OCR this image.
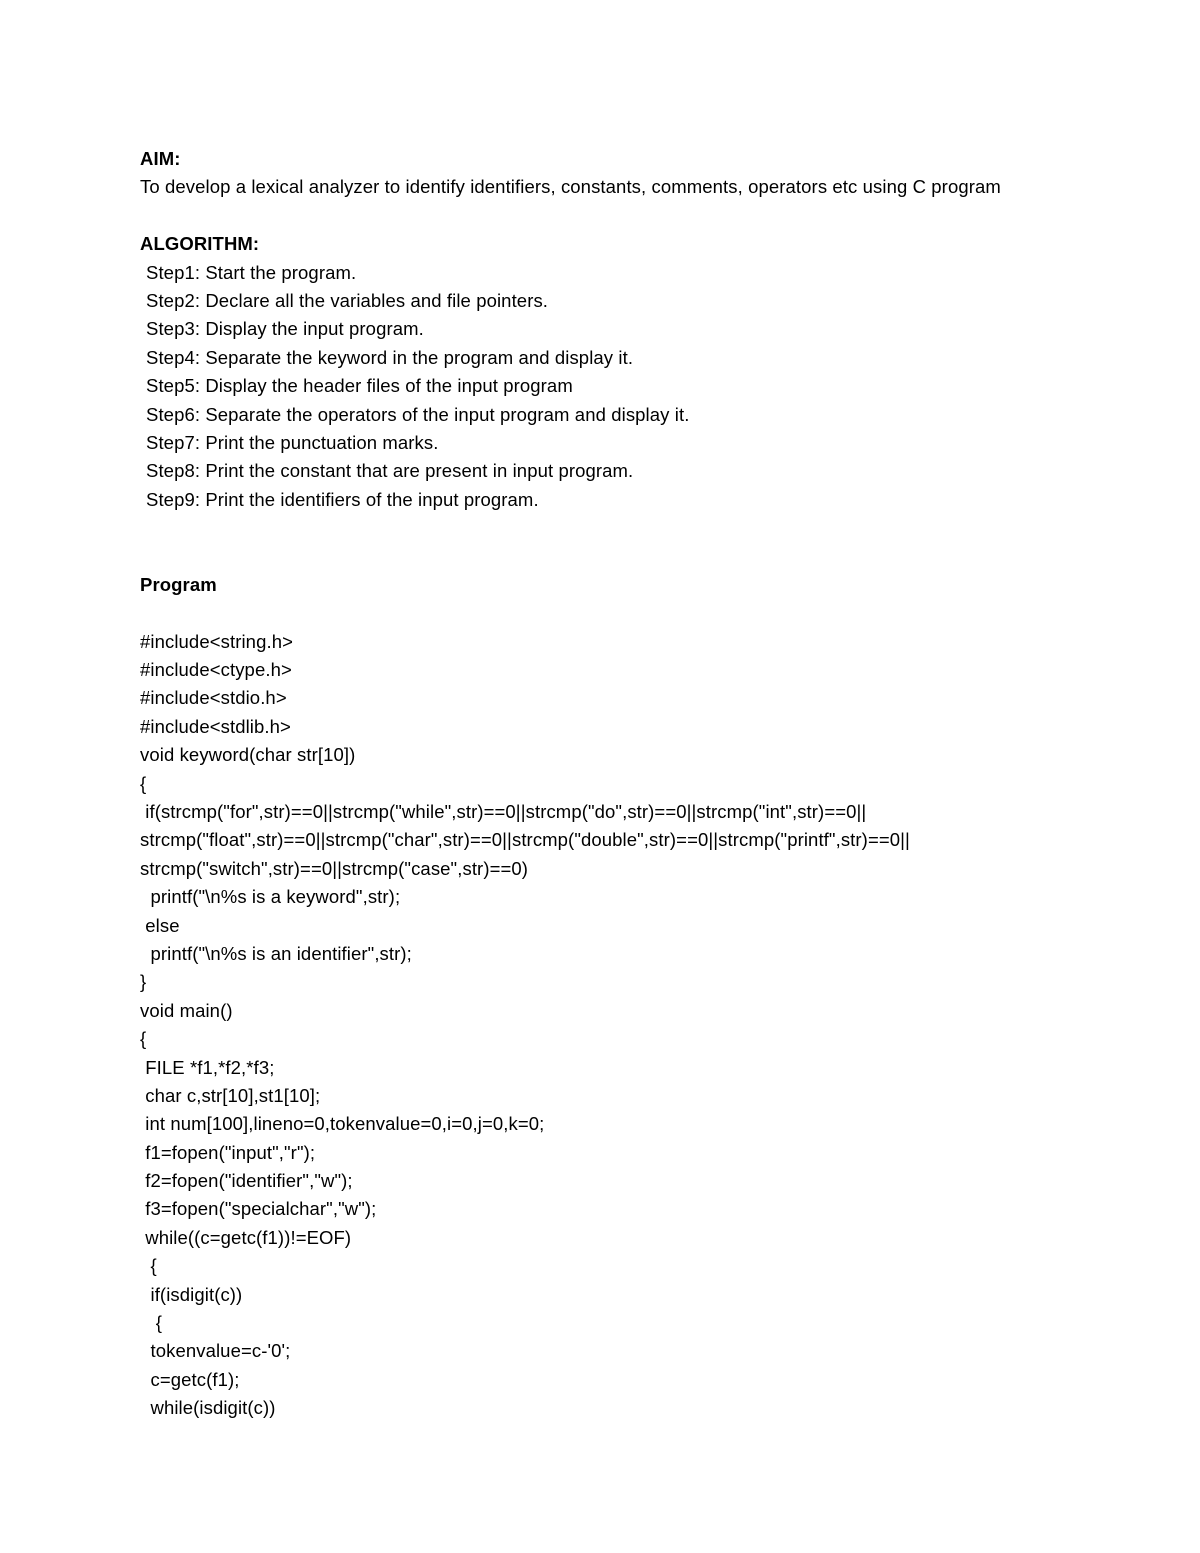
AIM:
To develop a lexical analyzer to identify identifiers, constants, comments, operators etc using C program
ALGORITHM:
Step1: Start the program.
Step2: Declare all the variables and file pointers.
Step3: Display the input program.
Step4: Separate the keyword in the program and display it.
Step5: Display the header files of the input program
Step6: Separate the operators of the input program and display it.
Step7: Print the punctuation marks.
Step8: Print the constant that are present in input program.
Step9: Print the identifiers of the input program.
Program
#include<string.h>
#include<ctype.h>
#include<stdio.h>
#include<stdlib.h>
void keyword(char str[10])
{
if(strcmp("for",str)==0||strcmp("while",str)==0||strcmp("do",str)==0||strcmp("int",str)==0||
strcmp("float",str)==0||strcmp("char",str)==0||strcmp("double",str)==0||strcmp("printf",str)==0||
strcmp("switch",str)==0||strcmp("case",str)==0)
printf("\n%s is a keyword",str);
else
printf("\n%s is an identifier",str);
}
void main()
{
FILE *f1,*f2,*f3;
char c,str[10],st1[10];
int num[100],lineno=0,tokenvalue=0,i=0,j=0,k=0;
f1=fopen("input","r");
f2=fopen("identifier","w");
f3=fopen("specialchar","w");
while((c=getc(f1))!=EOF)
{
if(isdigit(c))
{
tokenvalue=c-'0';
c=getc(f1);
while(isdigit(c))
